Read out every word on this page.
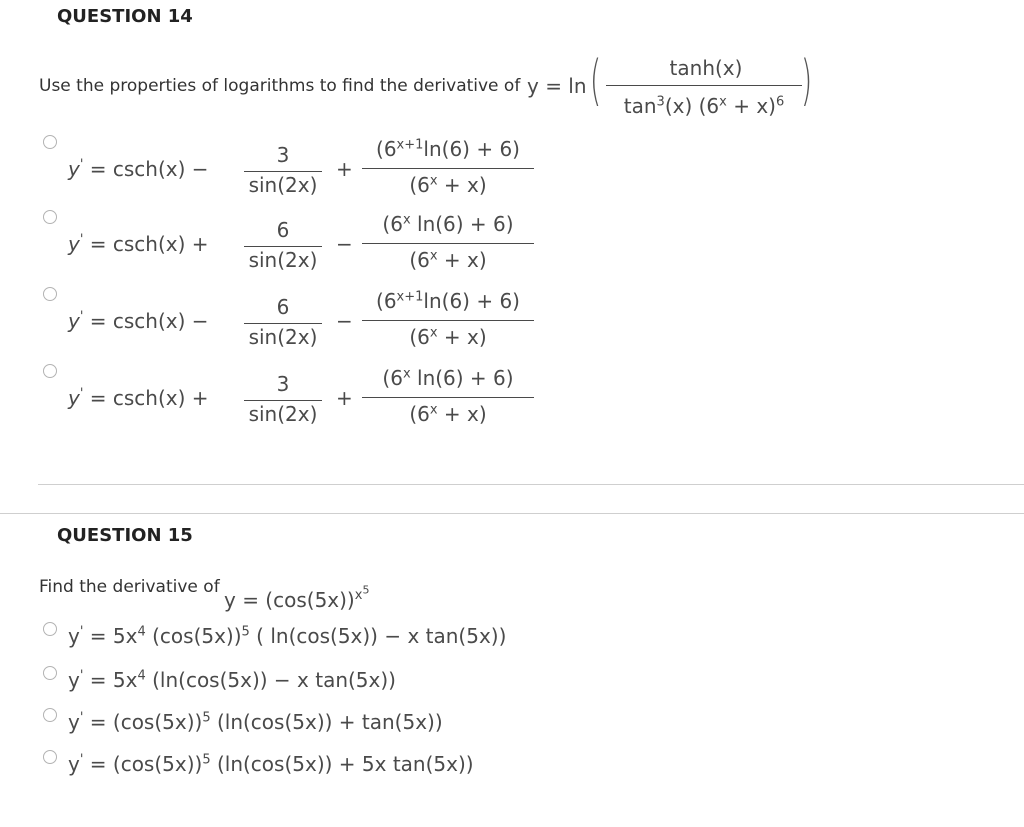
QUESTION 14
Use the properties of logarithms to find the derivative of y = ln (	tanh(x)
$\tan^3(x) (6^x + x)^6$ )
y' = csch(x) −
3
sin(2x)
+
$(6^{x+1}\ln(6) + 6)$
$(6^x + x)$
y' = csch(x) +
6
sin(2x)
−
($6^x$ ln(6) + 6)
$(6^x + x)$
y' = csch(x) −
6
sin(2x)
−
$(6^{x+1}\ln(6) + 6)$
$(6^x + x)$
y' = csch(x) +
3
sin(2x)
+
($6^x$ ln(6) + 6)
$(6^x + x)$
QUESTION 15
Find the derivative of
$y = (\cos(5x))^{x^5}$
$y' = 5x^4$ $(\cos(5x))^5$ ( ln(cos(5x)) − x tan(5x))
$y' = 5x^4$ (ln(cos(5x)) − x tan(5x))
$y' = (\cos(5x))^5$ (ln(cos(5x)) + tan(5x))
$y' = (\cos(5x))^5$ (ln(cos(5x)) + 5x tan(5x))
